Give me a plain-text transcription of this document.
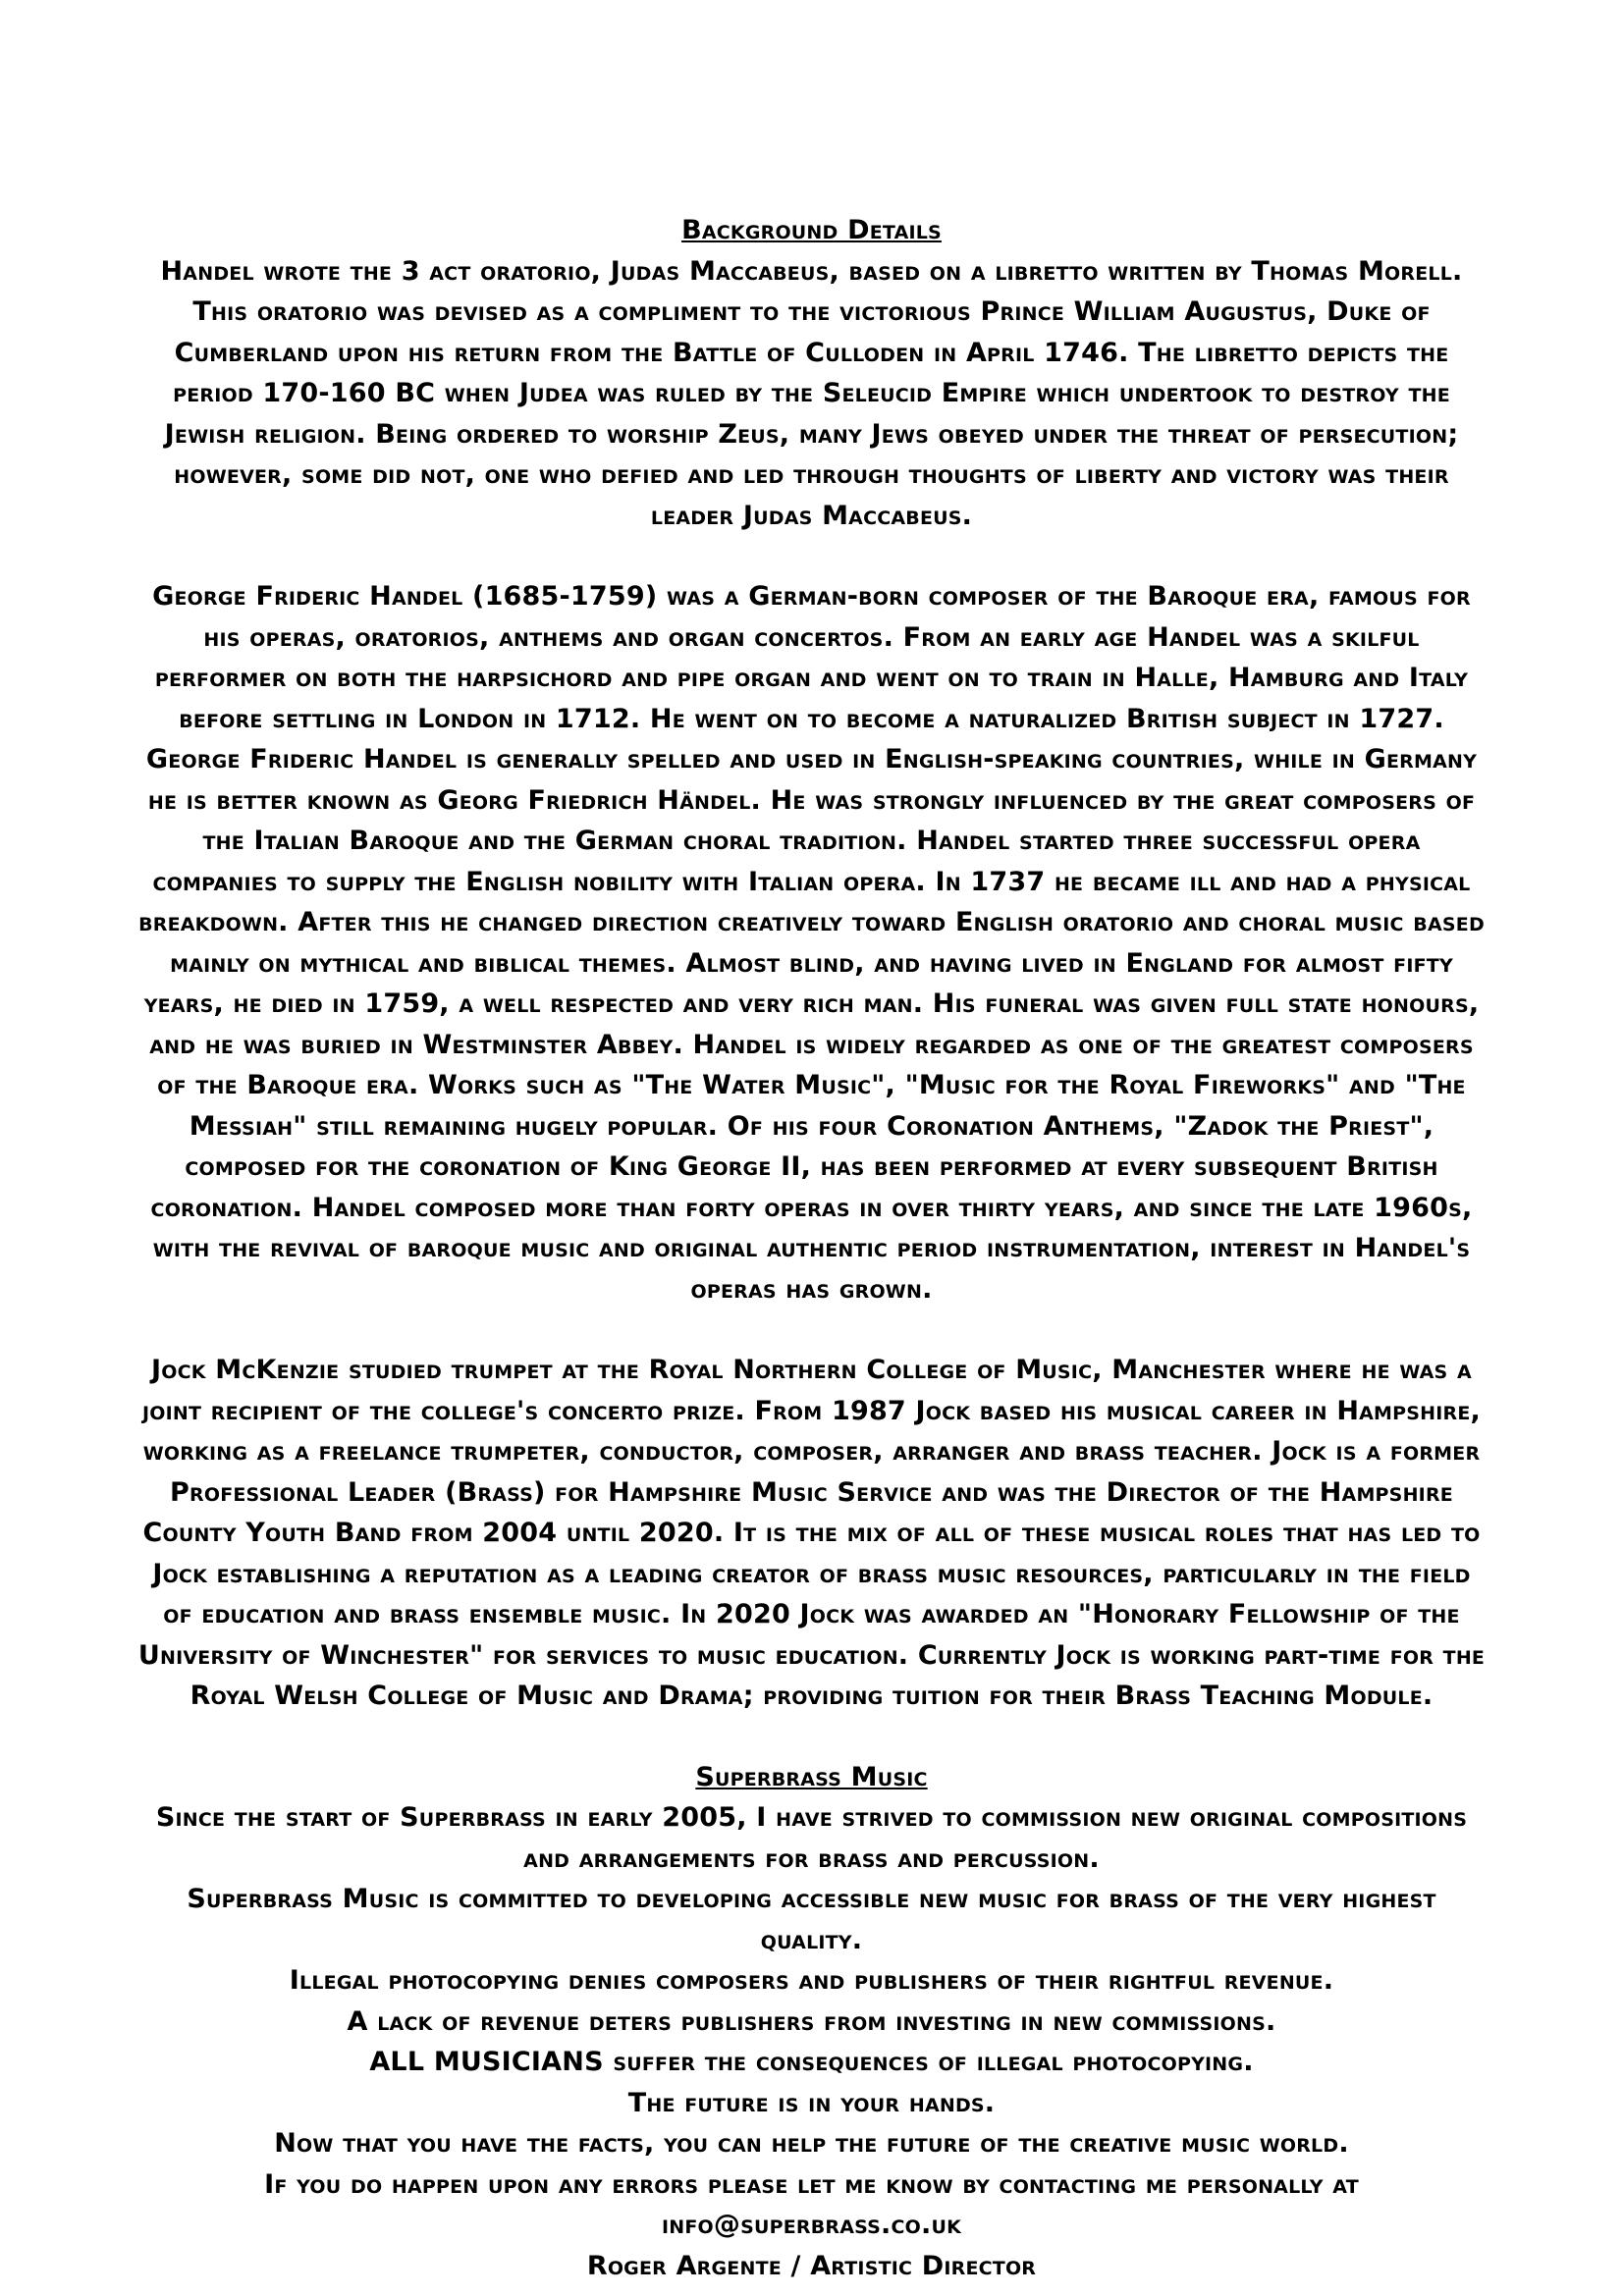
Background Details

Handel wrote the 3 act oratorio, Judas Maccabeus, based on a libretto written by Thomas Morell. This oratorio was devised as a compliment to the victorious Prince William Augustus, Duke of Cumberland upon his return from the Battle of Culloden in April 1746. The libretto depicts the period 170-160 BC when Judea was ruled by the Seleucid Empire which undertook to destroy the Jewish religion. Being ordered to worship Zeus, many Jews obeyed under the threat of persecution; however, some did not, one who defied and led through thoughts of liberty and victory was their leader Judas Maccabeus.

George Frideric Handel (1685-1759) was a German-born composer of the Baroque era, famous for his operas, oratorios, anthems and organ concertos. From an early age Handel was a skilful performer on both the harpsichord and pipe organ and went on to train in Halle, Hamburg and Italy before settling in London in 1712. He went on to become a naturalized British subject in 1727. George Frideric Handel is generally spelled and used in English-speaking countries, while in Germany he is better known as Georg Friedrich Händel. He was strongly influenced by the great composers of the Italian Baroque and the German choral tradition. Handel started three successful opera companies to supply the English nobility with Italian opera. In 1737 he became ill and had a physical breakdown. After this he changed direction creatively toward English oratorio and choral music based mainly on mythical and biblical themes. Almost blind, and having lived in England for almost fifty years, he died in 1759, a well respected and very rich man. His funeral was given full state honours, and he was buried in Westminster Abbey. Handel is widely regarded as one of the greatest composers of the Baroque era. Works such as "The Water Music", "Music for the Royal Fireworks" and "The Messiah" still remaining hugely popular. Of his four Coronation Anthems, "Zadok the Priest", composed for the coronation of King George II, has been performed at every subsequent British coronation. Handel composed more than forty operas in over thirty years, and since the late 1960s, with the revival of baroque music and original authentic period instrumentation, interest in Handel's operas has grown.

Jock McKenzie studied trumpet at the Royal Northern College of Music, Manchester where he was a joint recipient of the college's concerto prize. From 1987 Jock based his musical career in Hampshire, working as a freelance trumpeter, conductor, composer, arranger and brass teacher. Jock is a former Professional Leader (Brass) for Hampshire Music Service and was the Director of the Hampshire County Youth Band from 2004 until 2020. It is the mix of all of these musical roles that has led to Jock establishing a reputation as a leading creator of brass music resources, particularly in the field of education and brass ensemble music. In 2020 Jock was awarded an "Honorary Fellowship of the University of Winchester" for services to music education. Currently Jock is working part-time for the Royal Welsh College of Music and Drama; providing tuition for their Brass Teaching Module.

Superbrass Music

Since the start of Superbrass in early 2005, I have strived to commission new original compositions and arrangements for brass and percussion.

Superbrass Music is committed to developing accessible new music for brass of the very highest quality.

Illegal photocopying denies composers and publishers of their rightful revenue.

A lack of revenue deters publishers from investing in new commissions.

ALL MUSICIANS suffer the consequences of illegal photocopying.

The future is in your hands.

Now that you have the facts, you can help the future of the creative music world.

If you do happen upon any errors please let me know by contacting me personally at info@superbrass.co.uk

Roger Argente / Artistic Director
